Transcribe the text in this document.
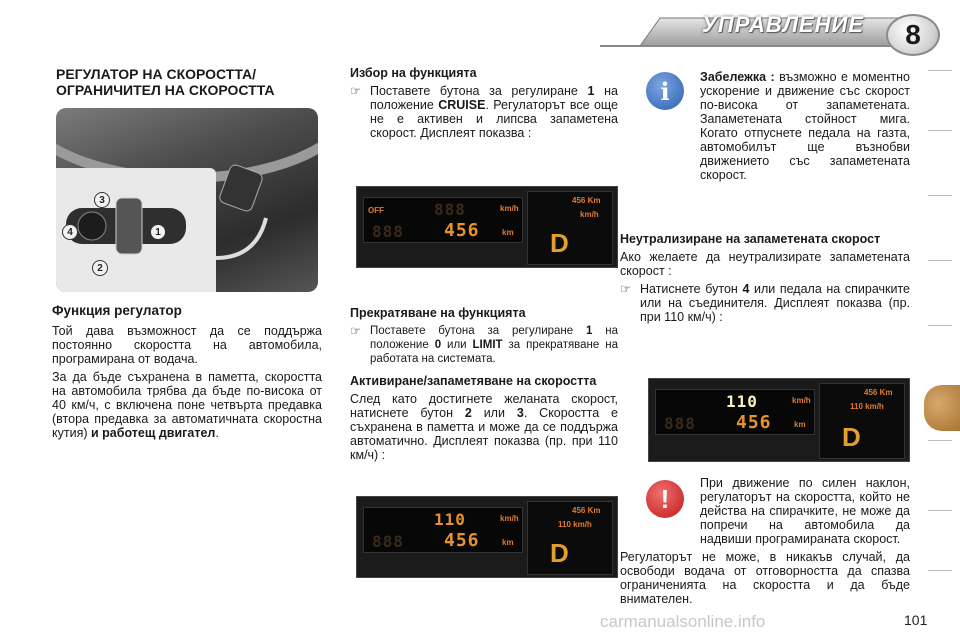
УПРАВЛЕНИЕ	8
РЕГУЛАТОР НА СКОРОСТТА/ ОГРАНИЧИТЕЛ НА СКОРОСТТА
3
4	1
2
Функция регулатор

Той дава възможност да се поддържа постоянно скоростта на автомобила, програмирана от водача.

За да бъде съхранена в паметта, скоростта на автомобила трябва да бъде по-висока от 40 км/ч, с включена поне четвърта предавка (втора предавка за автоматичната скоростна кутия) и работещ двигател.

Избор на функцията
☞ Поставете бутона за регулиране 1 на положение CRUISE. Регулаторът все още не е активен и липсва запаметена скорост. Дисплеят показва :

OFF	km/h
888
888 456	km
456 Km
km/h
D
Прекратяване на функцията
☞ Поставете бутона за регулиране 1 на положение 0 или LIMIT за прекратяване на работата на системата.

Активиране/запаметяване на скоростта

След като достигнете желаната скорост, натиснете бутон 2 или 3. Скоростта е съхранена в паметта и може да се поддържа автоматично. Дисплеят показва (пр. при 110 км/ч) :

110	km/h
888 456	km
456 Km
110 km/h
D
i	Забележка : възможно е моментно ускорение и движение със скорост по-висока от запаметената. Запаметената стойност мига. Когато отпуснете педала на газта, автомобилът ще възнобви движението със запаметената скорост.

Неутрализиране на запаметената скорост

Ако желаете да неутрализирате запаметената скорост :

☞ Натиснете бутон 4 или педала на спирачките или на съединителя. Дисплеят показва (пр. при 110 км/ч) :

110	km/h
888 456	km
456 Km
110 km/h
D
!

При движение по силен наклон, регулаторът на скоростта, който не действа на спирачките, не може да попречи на автомобила да надвиши програмираната скорост.

Регулаторът не може, в никакъв случай, да освободи водача от отговорността да спазва ограниченията на скоростта и да бъде внимателен.

carmanualsonline.info	101
